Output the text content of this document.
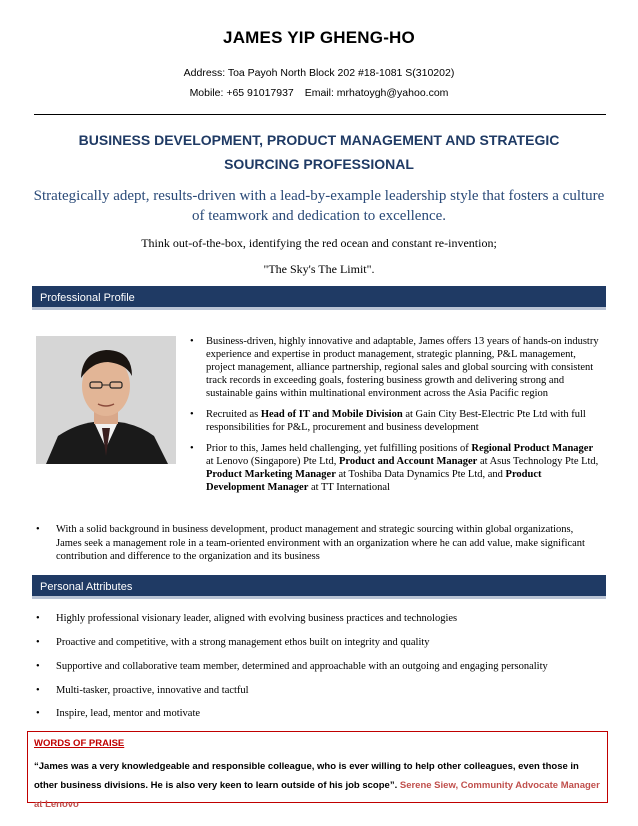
JAMES YIP GHENG-HO
Address: Toa Payoh North Block 202 #18-1081 S(310202)
Mobile: +65 91017937 Email: mrhatoygh@yahoo.com
BUSINESS DEVELOPMENT, PRODUCT MANAGEMENT AND STRATEGIC
SOURCING PROFESSIONAL
Strategically adept, results-driven with a lead-by-example leadership style that fosters a culture of teamwork and dedication to excellence.
Think out-of-the-box, identifying the red ocean and constant re-invention;
"The Sky's The Limit".
Professional Profile
• Business-driven, highly innovative and adaptable, James offers 13 years of hands-on industry experience and expertise in product management, strategic planning, P&L management, project management, alliance partnership, regional sales and global sourcing with consistent track records in exceeding goals, fostering business growth and delivering strong and sustainable gains within multinational environment across the Asia Pacific region
• Recruited as Head of IT and Mobile Division at Gain City Best-Electric Pte Ltd with full responsibilities for P&L, procurement and business development
• Prior to this, James held challenging, yet fulfilling positions of Regional Product Manager at Lenovo (Singapore) Pte Ltd, Product and Account Manager at Asus Technology Pte Ltd, Product Marketing Manager at Toshiba Data Dynamics Pte Ltd, and Product Development Manager at TT International
• With a solid background in business development, product management and strategic sourcing within global organizations, James seek a management role in a team-oriented environment with an organization where he can add value, make significant contribution and difference to the organization and its business
Personal Attributes
• Highly professional visionary leader, aligned with evolving business practices and technologies
• Proactive and competitive, with a strong management ethos built on integrity and quality
• Supportive and collaborative team member, determined and approachable with an outgoing and engaging personality
• Multi-tasker, proactive, innovative and tactful
• Inspire, lead, mentor and motivate
WORDS OF PRAISE
“James was a very knowledgeable and responsible colleague, who is ever willing to help other colleagues, even those in other business divisions. He is also very keen to learn outside of his job scope”. Serene Siew, Community Advocate Manager at Lenovo
